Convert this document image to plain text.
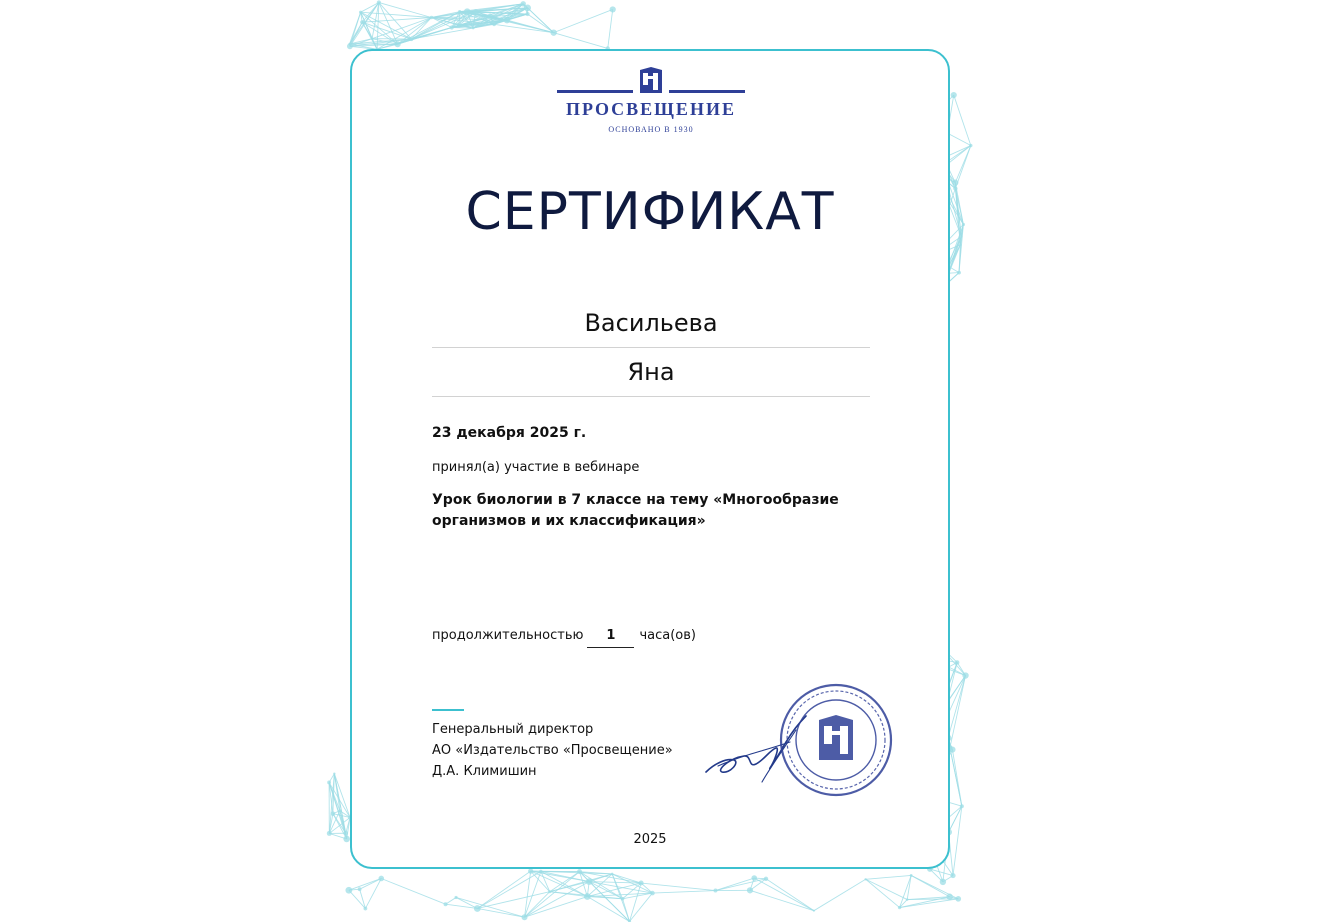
ПРОСВЕЩЕНИЕ
ОСНОВАНО В 1930
СЕРТИФИКАТ
Васильева
Яна
23 декабря 2025 г.
принял(а) участие в вебинаре
Урок биологии в 7 классе на тему «Многообразие организмов и их классификация»
продолжительностью	1	часа(ов)
Генеральный директор
АО «Издательство «Просвещение»
Д.А. Климишин
2025
